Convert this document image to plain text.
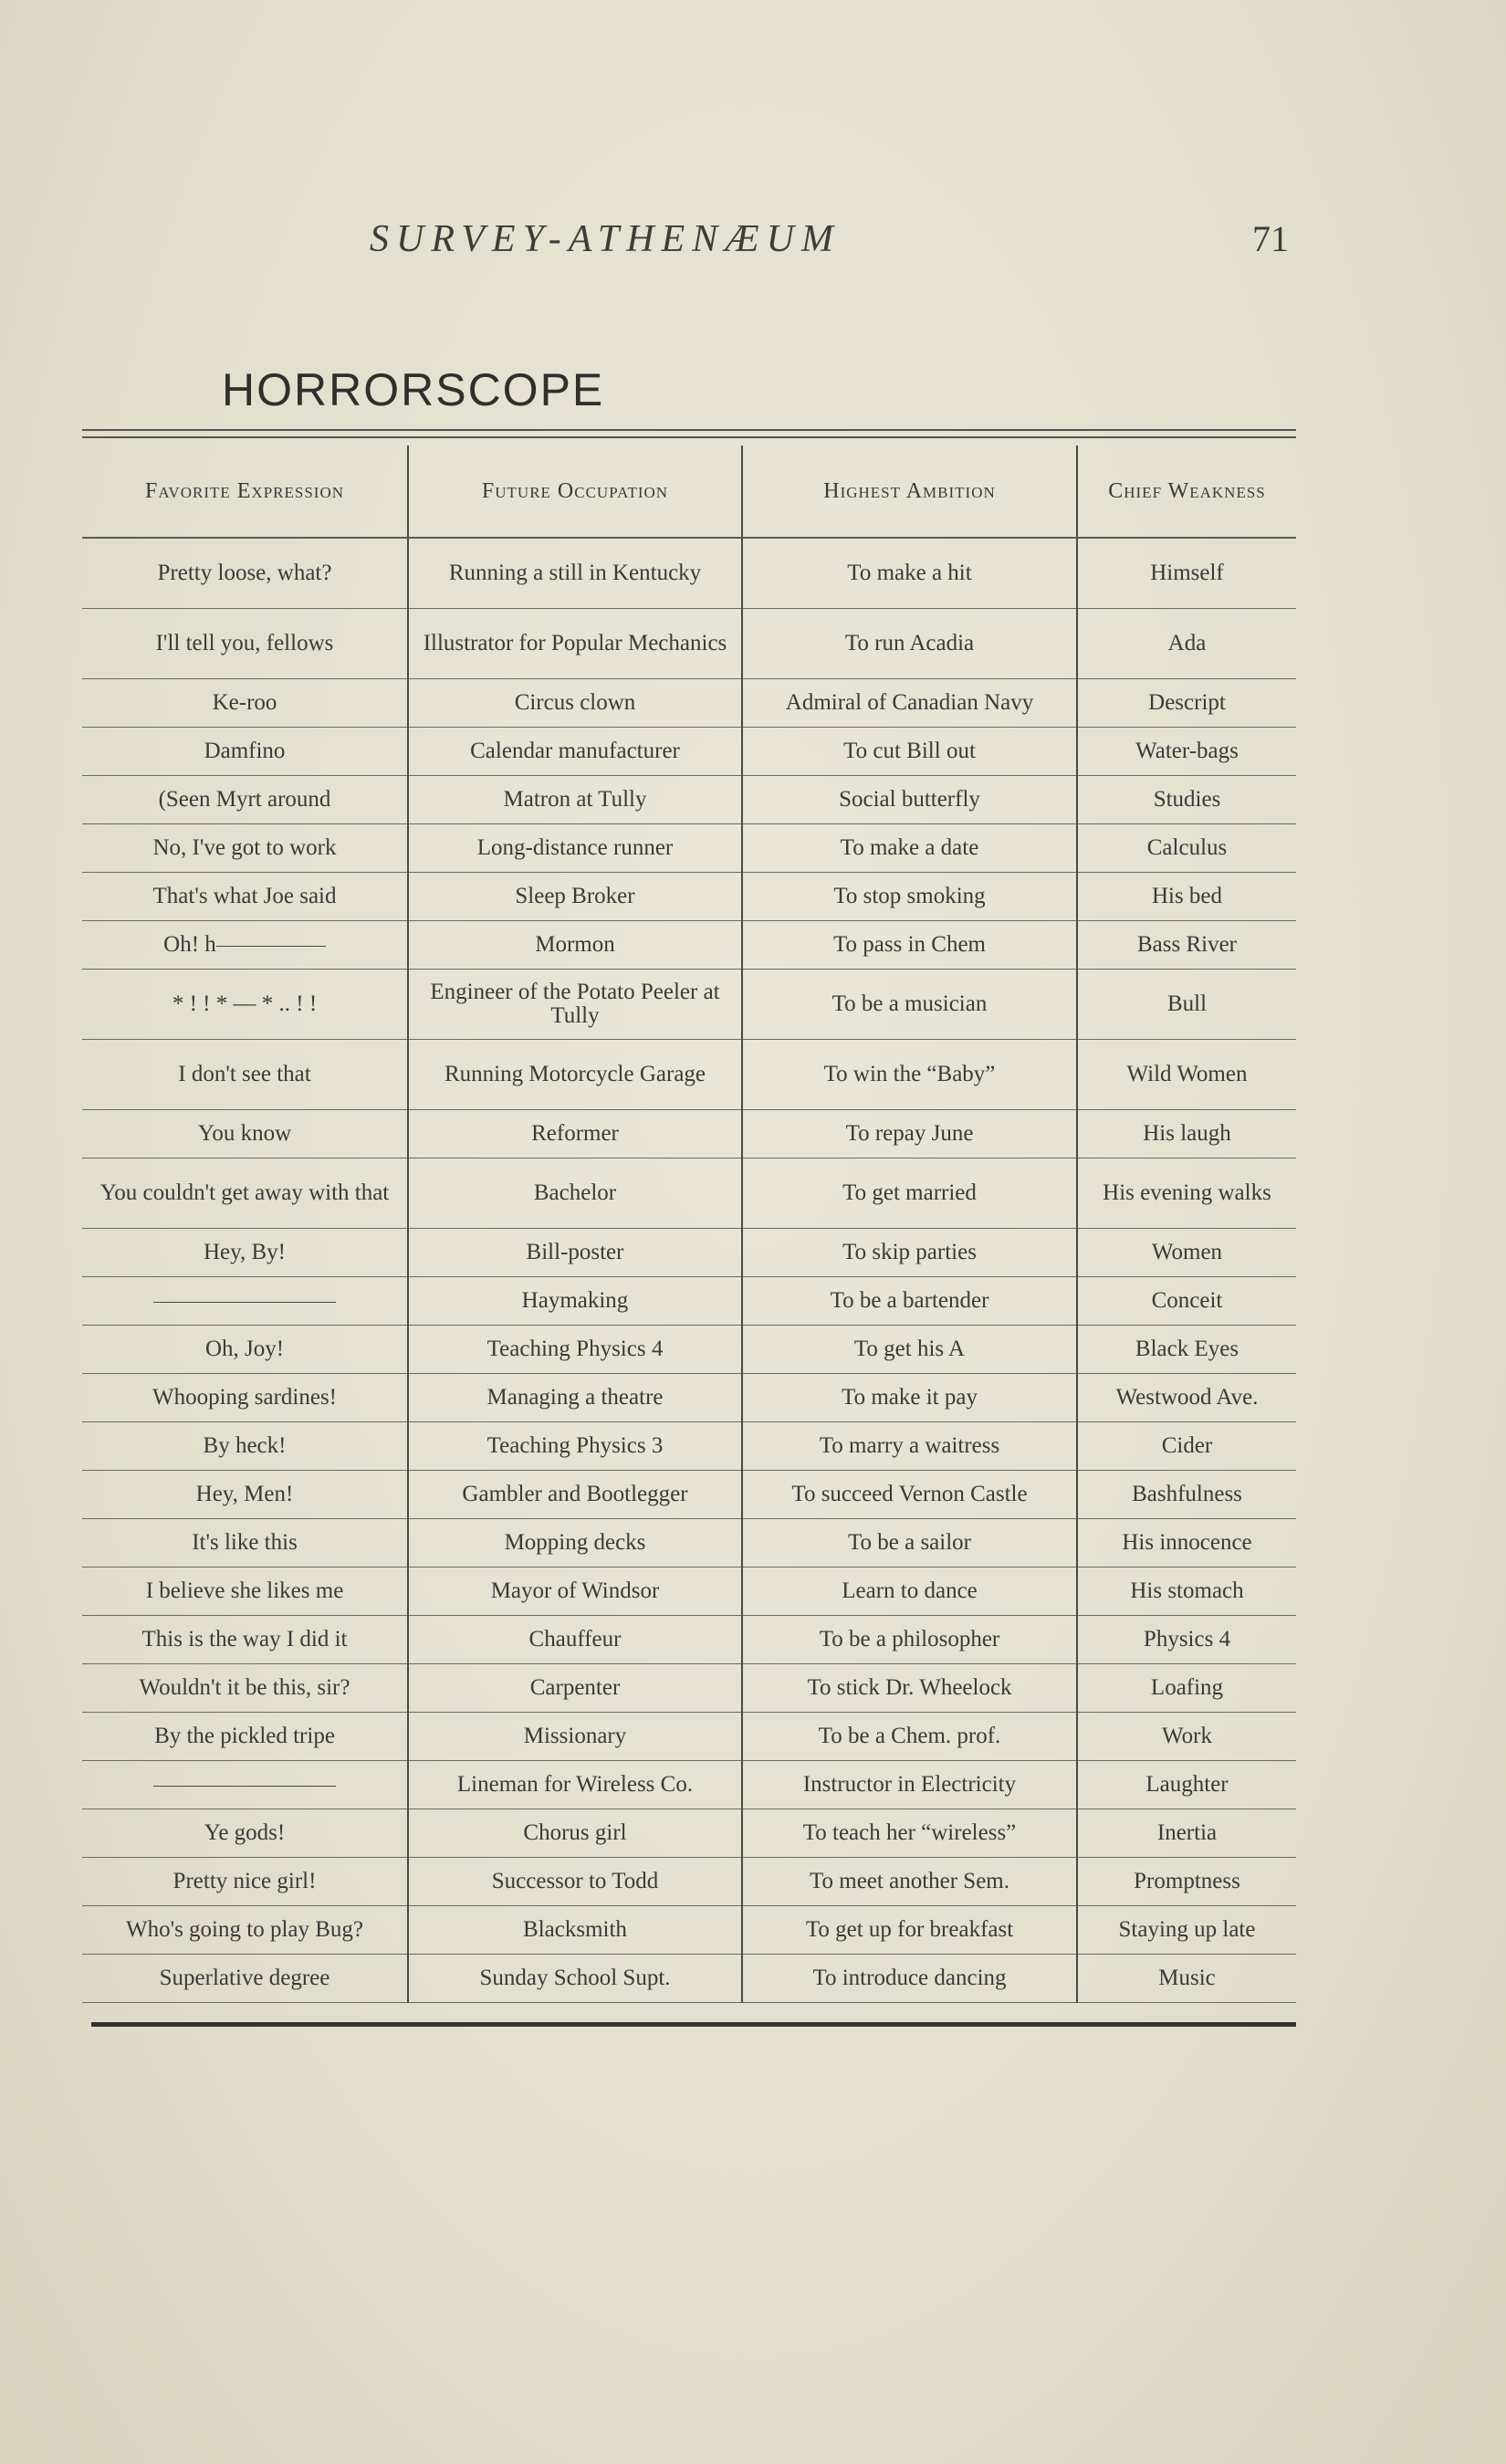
SURVEY-ATHENÆUM	71
HORRORSCOPE
Favorite Expression	Future Occupation	Highest Ambition	Chief Weakness
Pretty loose, what?	Running a still in Kentucky	To make a hit	Himself
I'll tell you, fellows	Illustrator for Popular Mechanics	To run Acadia	Ada
Ke-roo	Circus clown	Admiral of Canadian Navy	Descript
Damfino	Calendar manufacturer	To cut Bill out	Water-bags
(Seen Myrt around	Matron at Tully	Social butterfly	Studies
No, I've got to work	Long-distance runner	To make a date	Calculus
That's what Joe said	Sleep Broker	To stop smoking	His bed
Oh! h	Mormon	To pass in Chem	Bass River
* ! ! * — * .. ! !	Engineer of the Potato Peeler at Tully	To be a musician	Bull
I don't see that	Running Motorcycle Garage	To win the “Baby”	Wild Women
You know	Reformer	To repay June	His laugh
You couldn't get away with that	Bachelor	To get married	His evening walks
Hey, By!	Bill-poster	To skip parties	Women
	Haymaking	To be a bartender	Conceit
Oh, Joy!	Teaching Physics 4	To get his A	Black Eyes
Whooping sardines!	Managing a theatre	To make it pay	Westwood Ave.
By heck!	Teaching Physics 3	To marry a waitress	Cider
Hey, Men!	Gambler and Bootlegger	To succeed Vernon Castle	Bashfulness
It's like this	Mopping decks	To be a sailor	His innocence
I believe she likes me	Mayor of Windsor	Learn to dance	His stomach
This is the way I did it	Chauffeur	To be a philosopher	Physics 4
Wouldn't it be this, sir?	Carpenter	To stick Dr. Wheelock	Loafing
By the pickled tripe	Missionary	To be a Chem. prof.	Work
	Lineman for Wireless Co.	Instructor in Electricity	Laughter
Ye gods!	Chorus girl	To teach her “wireless”	Inertia
Pretty nice girl!	Successor to Todd	To meet another Sem.	Promptness
Who's going to play Bug?	Blacksmith	To get up for breakfast	Staying up late
Superlative degree	Sunday School Supt.	To introduce dancing	Music
